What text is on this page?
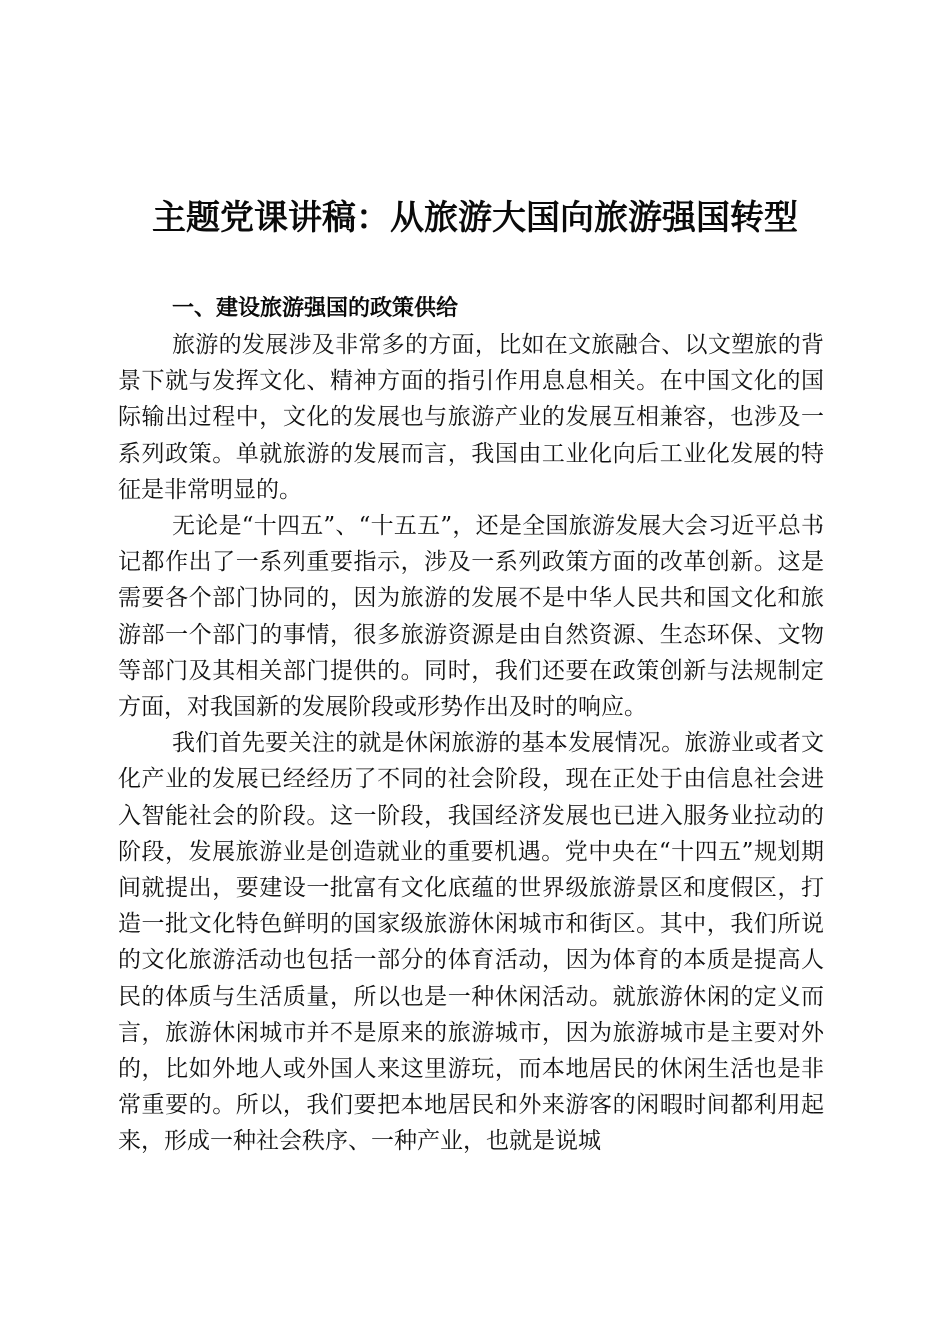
主题党课讲稿：从旅游大国向旅游强国转型
一、建设旅游强国的政策供给

旅游的发展涉及非常多的方面，比如在文旅融合、以文塑旅的背景下就与发挥文化、精神方面的指引作用息息相关。在中国文化的国际输出过程中，文化的发展也与旅游产业的发展互相兼容，也涉及一系列政策。单就旅游的发展而言，我国由工业化向后工业化发展的特征是非常明显的。

无论是“十四五”、“十五五”，还是全国旅游发展大会习近平总书记都作出了一系列重要指示，涉及一系列政策方面的改革创新。这是需要各个部门协同的，因为旅游的发展不是中华人民共和国文化和旅游部一个部门的事情，很多旅游资源是由自然资源、生态环保、文物等部门及其相关部门提供的。同时，我们还要在政策创新与法规制定方面，对我国新的发展阶段或形势作出及时的响应。

我们首先要关注的就是休闲旅游的基本发展情况。旅游业或者文化产业的发展已经经历了不同的社会阶段，现在正处于由信息社会进入智能社会的阶段。这一阶段，我国经济发展也已进入服务业拉动的阶段，发展旅游业是创造就业的重要机遇。党中央在“十四五”规划期间就提出，要建设一批富有文化底蕴的世界级旅游景区和度假区，打造一批文化特色鲜明的国家级旅游休闲城市和街区。其中，我们所说的文化旅游活动也包括一部分的体育活动，因为体育的本质是提高人民的体质与生活质量，所以也是一种休闲活动。就旅游休闲的定义而言，旅游休闲城市并不是原来的旅游城市，因为旅游城市是主要对外的，比如外地人或外国人来这里游玩，而本地居民的休闲生活也是非常重要的。所以，我们要把本地居民和外来游客的闲暇时间都利用起来，形成一种社会秩序、一种产业，也就是说城
